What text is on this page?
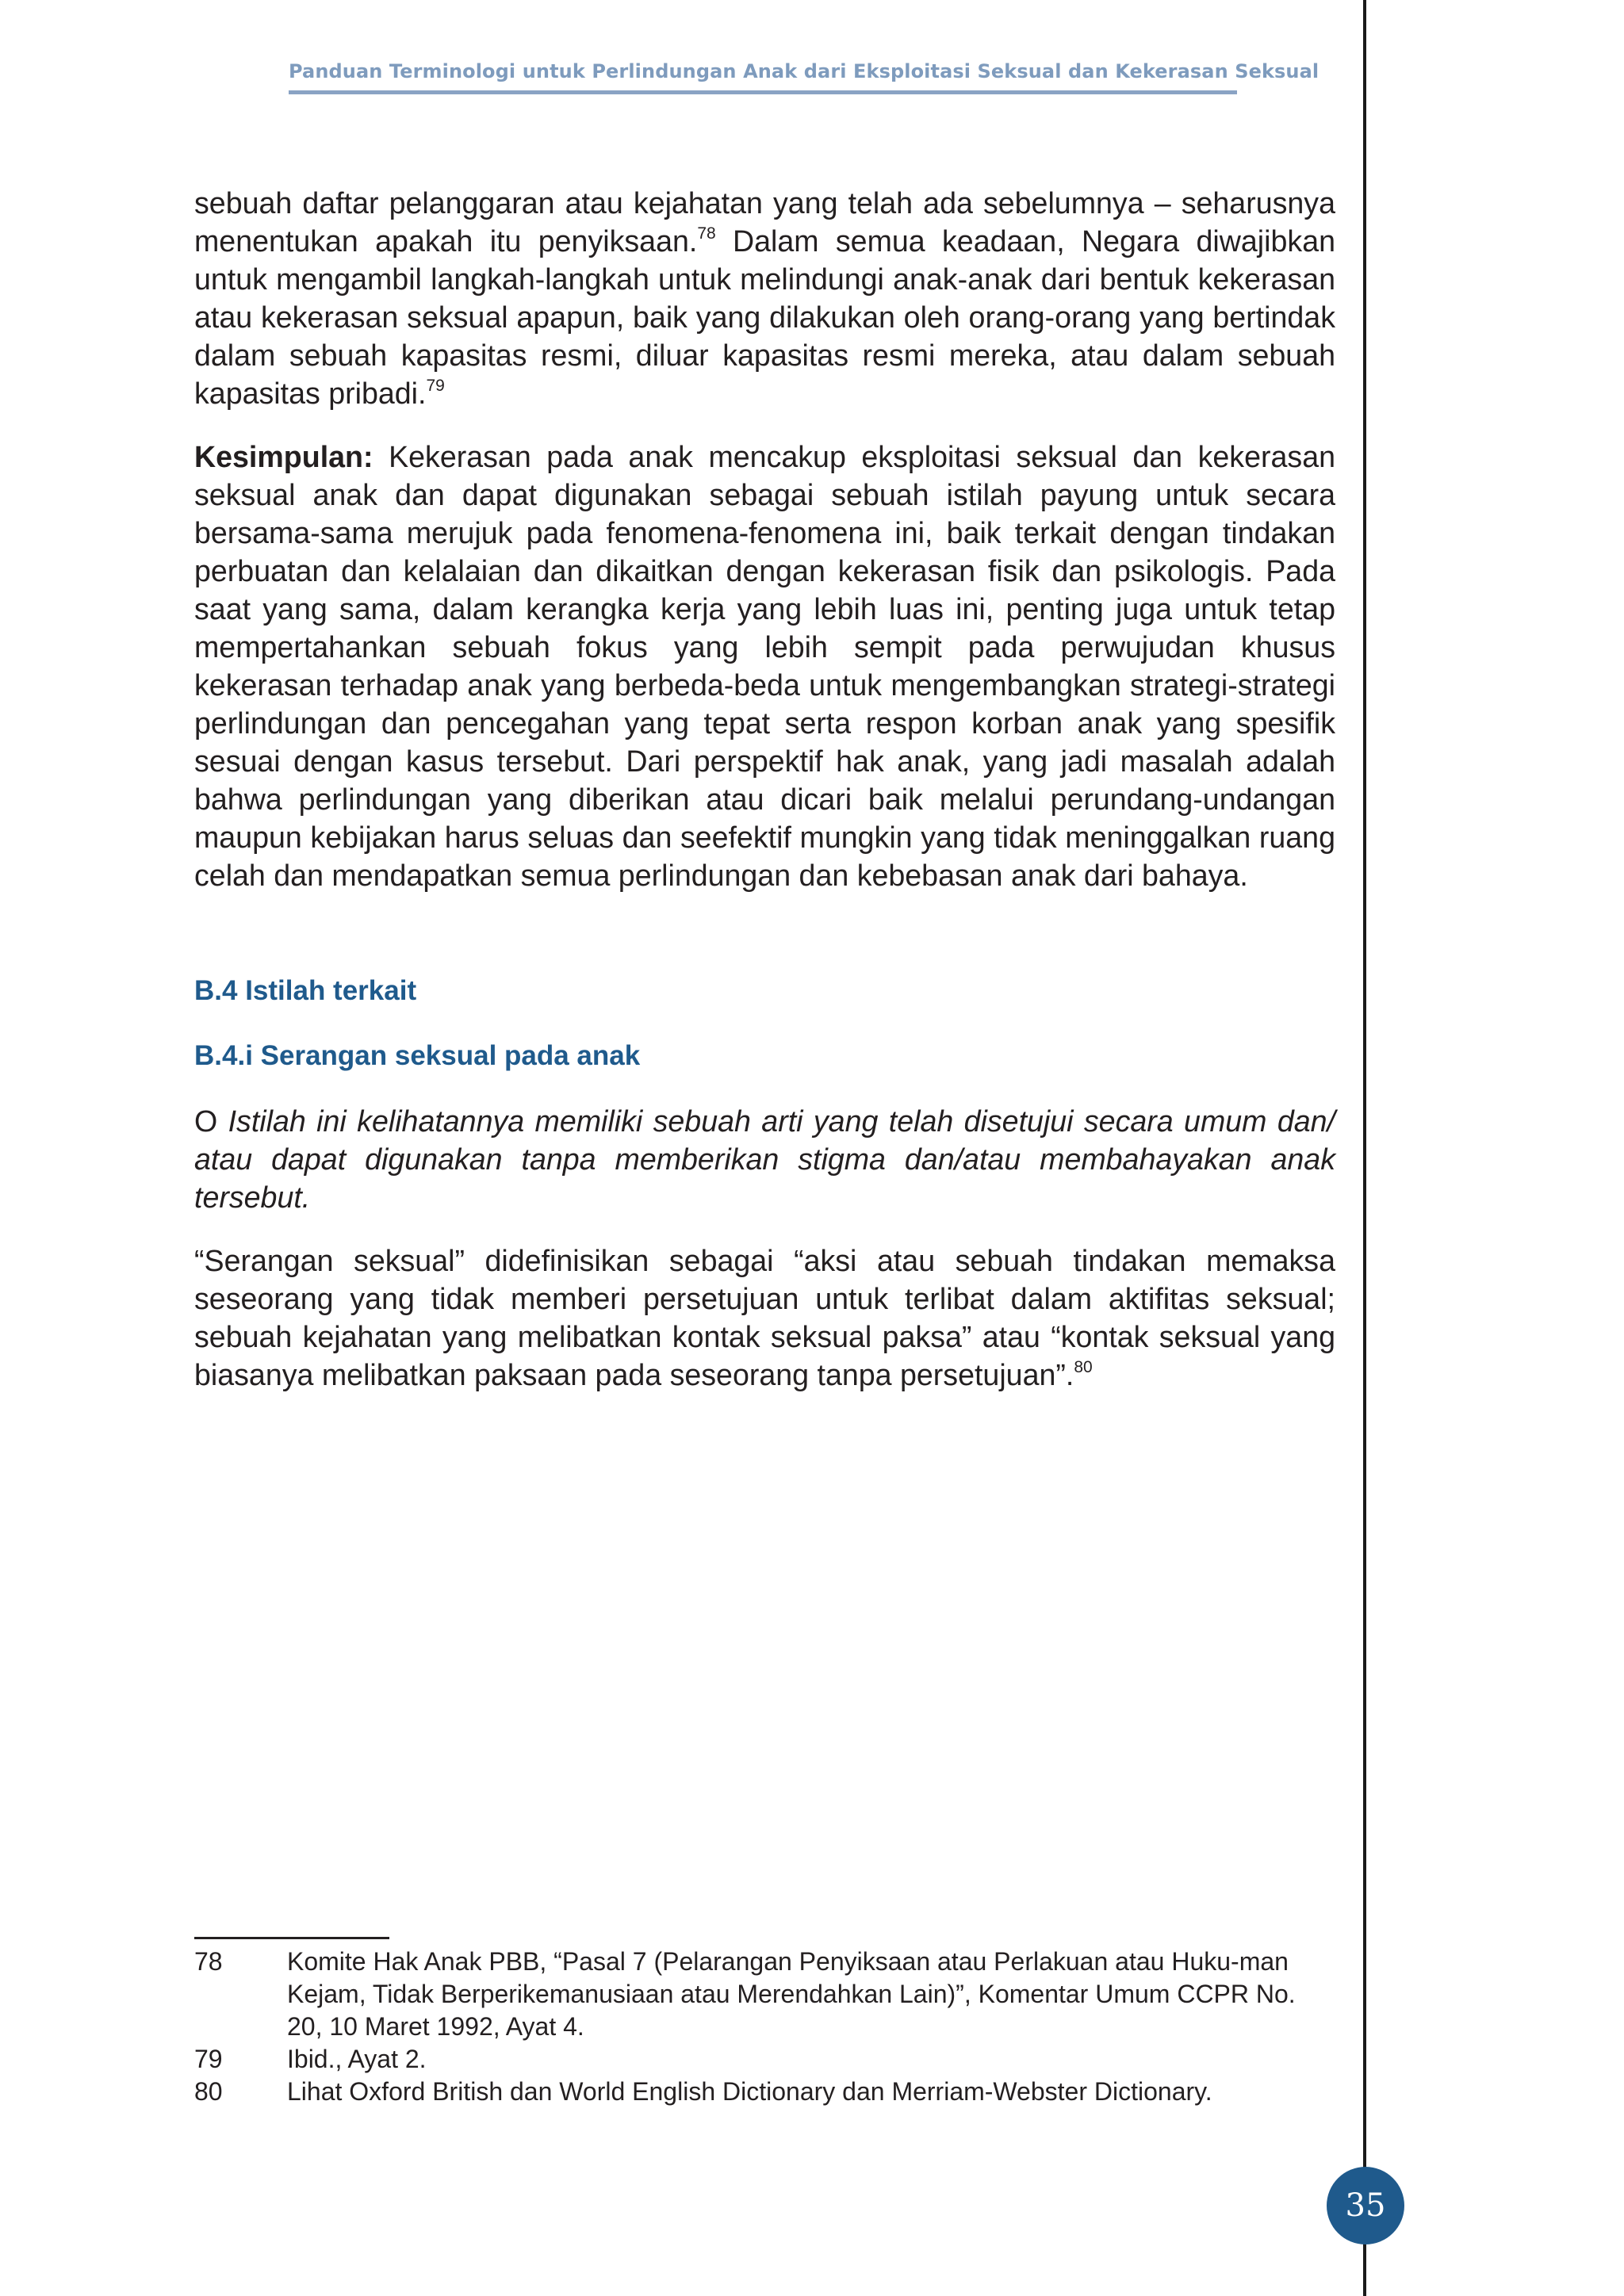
Panduan Terminologi untuk Perlindungan Anak dari Eksploitasi Seksual dan Kekerasan Seksual

sebuah daftar pelanggaran atau kejahatan yang telah ada sebelumnya – seharusnya menentukan apakah itu penyiksaan.$^{78}$ Dalam semua keadaan, Negara diwajibkan untuk mengambil langkah-langkah untuk melindungi anak-anak dari bentuk kekerasan atau kekerasan seksual apapun, baik yang dilakukan oleh orang-orang yang bertindak dalam sebuah kapasitas resmi, diluar kapasitas resmi mereka, atau dalam sebuah kapasitas pribadi.$^{79}$

Kesimpulan: Kekerasan pada anak mencakup eksploitasi seksual dan kekerasan seksual anak dan dapat digunakan sebagai sebuah istilah payung untuk secara bersama-sama merujuk pada fenomena-fenomena ini, baik terkait dengan tindakan perbuatan dan kelalaian dan dikaitkan dengan kekerasan fisik dan psikologis. Pada saat yang sama, dalam kerangka kerja yang lebih luas ini, penting juga untuk tetap mempertahankan sebuah fokus yang lebih sempit pada perwujudan khusus kekerasan terhadap anak yang berbeda-beda untuk mengembangkan strategi-strategi perlindungan dan pencegahan yang tepat serta respon korban anak yang spesifik sesuai dengan kasus tersebut. Dari perspektif hak anak, yang jadi masalah adalah bahwa perlindungan yang diberikan atau dicari baik melalui perundang-undangan maupun kebijakan harus seluas dan seefektif mungkin yang tidak meninggalkan ruang celah dan mendapatkan semua perlindungan dan kebebasan anak dari bahaya.

B.4 Istilah terkait
B.4.i Serangan seksual pada anak

O Istilah ini kelihatannya memiliki sebuah arti yang telah disetujui secara umum dan/ atau dapat digunakan tanpa memberikan stigma dan/atau membahayakan anak tersebut.

“Serangan seksual” didefinisikan sebagai “aksi atau sebuah tindakan memaksa seseorang yang tidak memberi persetujuan untuk terlibat dalam aktifitas seksual; sebuah kejahatan yang melibatkan kontak seksual paksa” atau “kontak seksual yang biasanya melibatkan paksaan pada seseorang tanpa persetujuan”.$^{80}$

78	Komite Hak Anak PBB, “Pasal 7 (Pelarangan Penyiksaan atau Perlakuan atau Huku-man Kejam, Tidak Berperikemanusiaan atau Merendahkan Lain)”, Komentar Umum CCPR No. 20, 10 Maret 1992, Ayat 4.
79	Ibid., Ayat 2.
80	Lihat Oxford British dan World English Dictionary dan Merriam-Webster Dictionary.
35
